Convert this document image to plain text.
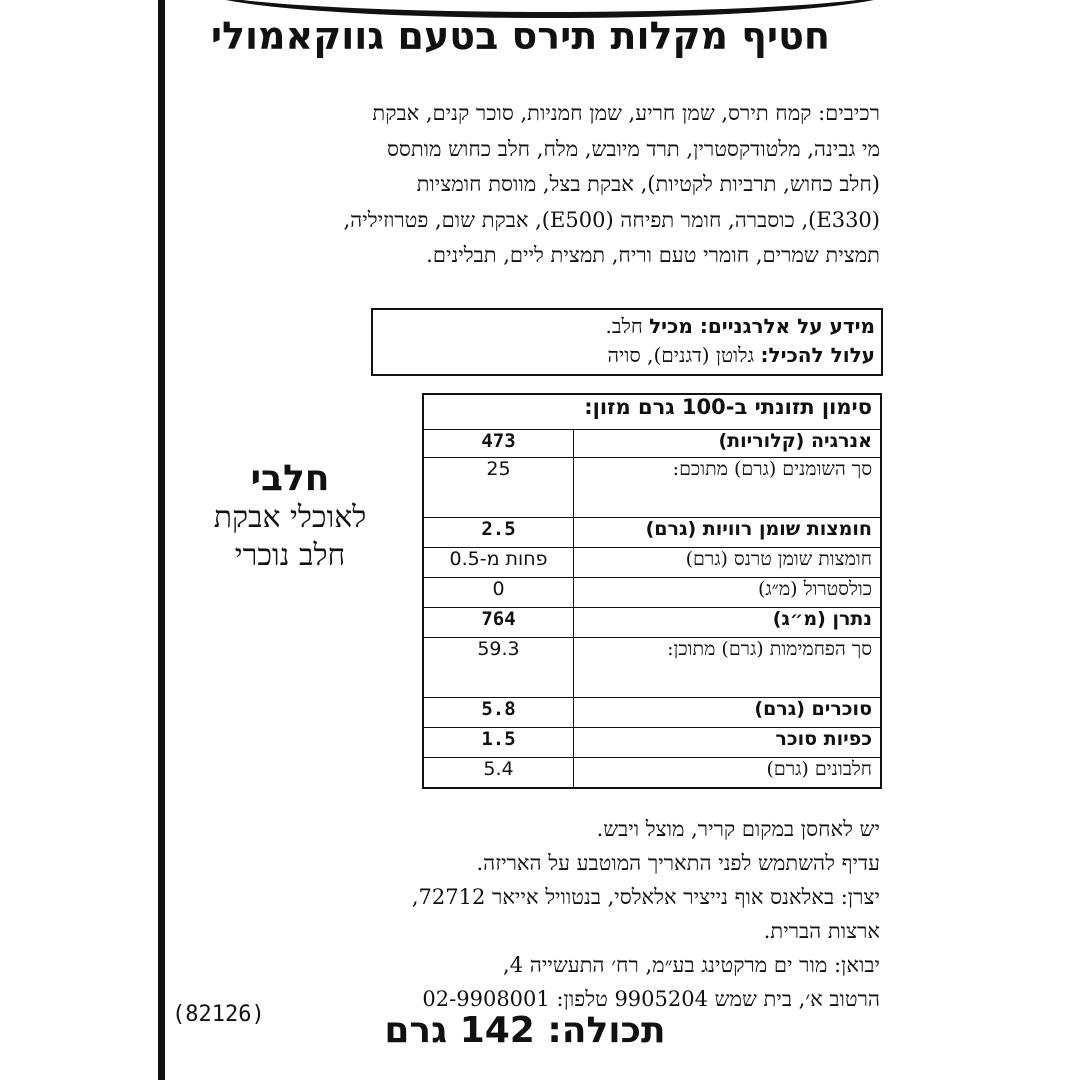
חטיף מקלות תירס בטעם גווקאמולי
רכיבים: קמח תירס, שמן חריע, שמן חמניות, סוכר קנים, אבקת
מי גבינה, מלטודקסטרין, תרד מיובש, מלח, חלב כחוש מותסס
(חלב כחוש, תרביות לקטיות), אבקת בצל, מווסת חומציות
(E330), כוסברה, חומר תפיחה (E500), אבקת שום, פטרוזיליה,
תמצית שמרים, חומרי טעם וריח, תמצית ליים, תבלינים.
מידע על אלרגניים: מכיל חלב.
עלול להכיל: גלוטן (דגנים), סויה
סימון תזונתי ב-100 גרם מזון:	
אנרגיה (קלוריות)	473
סך השומנים (גרם) מתוכם:	25
חומצות שומן רוויות (גרם)	2.5
חומצות שומן טרנס (גרם)	פחות מ-0.5
כולסטרול (מ״ג)	0
נתרן (מ״ג)	764
סך הפחמימות (גרם) מתוכן:	59.3
סוכרים (גרם)	5.8
כפיות סוכר	1.5
חלבונים (גרם)	5.4
חלבי
לאוכלי אבקת
חלב נוכרי
יש לאחסן במקום קריר, מוצל ויבש.
עדיף להשתמש לפני התאריך המוטבע על האריזה.
יצרן: באלאנס אוף נייציר אלאלסי, בנטוויל אייאר 72712,
ארצות הברית.
יבואן: מור ים מרקטינג בע״מ, רח׳ התעשייה 4,
הרטוב א׳, בית שמש 9905204 טלפון: 02-9908001
(82126)	תכולה: 142 גרם
